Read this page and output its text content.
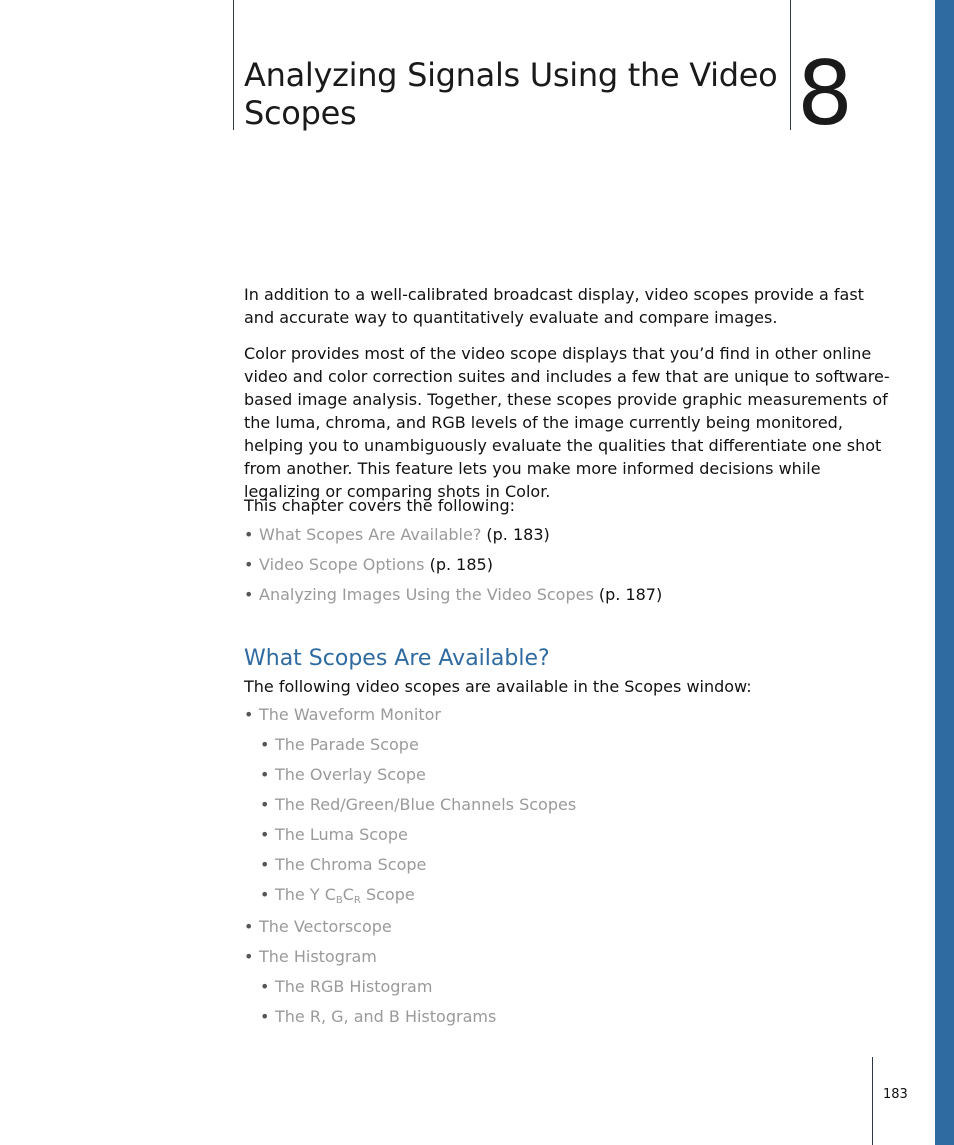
Analyzing Signals Using the Video Scopes	8

In addition to a well-calibrated broadcast display, video scopes provide a fast and accurate way to quantitatively evaluate and compare images.

Color provides most of the video scope displays that you’d find in other online video and color correction suites and includes a few that are unique to software-based image analysis. Together, these scopes provide graphic measurements of the luma, chroma, and RGB levels of the image currently being monitored, helping you to unambiguously evaluate the qualities that differentiate one shot from another. This feature lets you make more informed decisions while legalizing or comparing shots in Color.

This chapter covers the following:

• What Scopes Are Available? (p. 183)
• Video Scope Options (p. 185)
• Analyzing Images Using the Video Scopes (p. 187)
What Scopes Are Available?

The following video scopes are available in the Scopes window:

• The Waveform Monitor
• The Parade Scope
• The Overlay Scope
• The Red/Green/Blue Channels Scopes
• The Luma Scope
• The Chroma Scope
• The Y $C_BC_R$ Scope
• The Vectorscope
• The Histogram
• The RGB Histogram
• The R, G, and B Histograms
183
